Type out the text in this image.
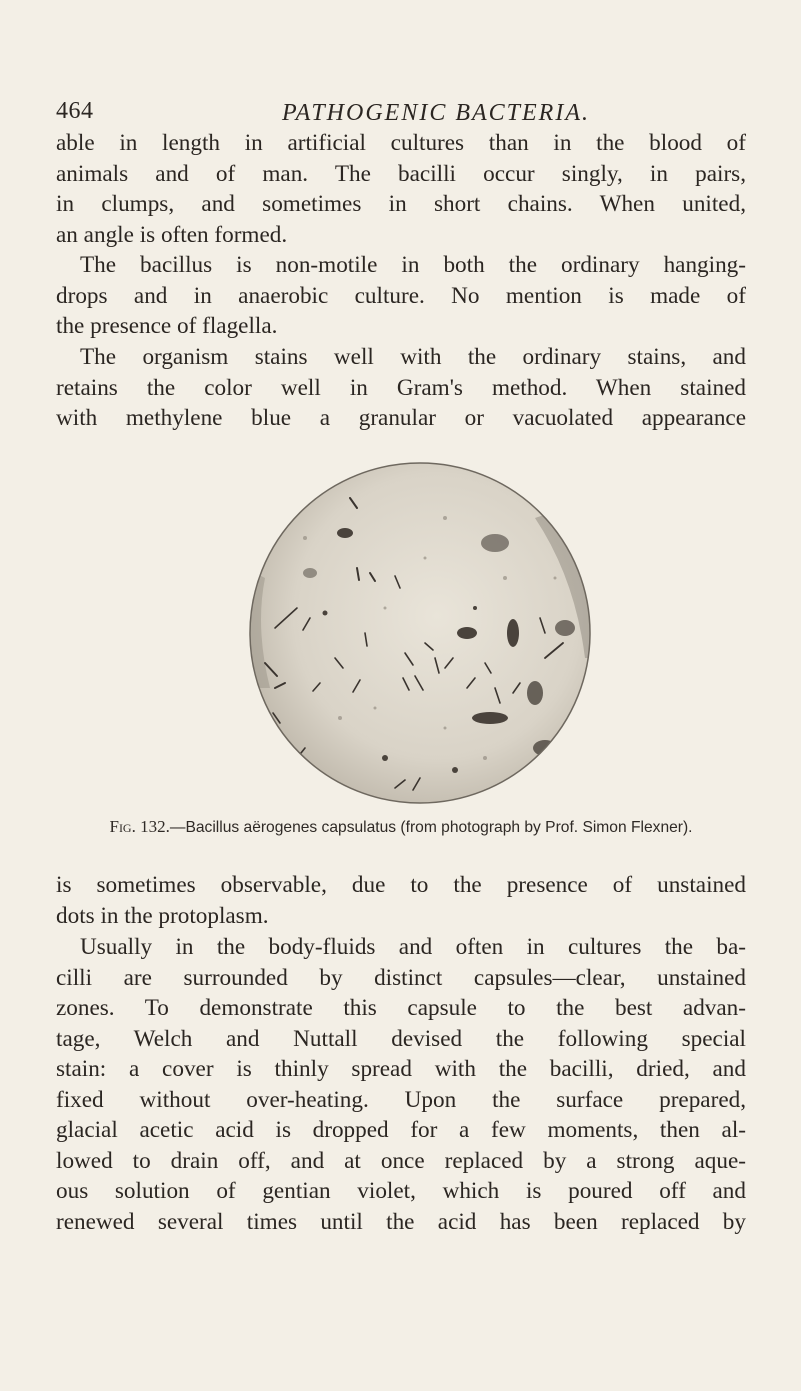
464	PATHOGENIC BACTERIA.

able in length in artificial cultures than in the blood of
animals and of man. The bacilli occur singly, in pairs,
in clumps, and sometimes in short chains. When united,
an angle is often formed.

The bacillus is non-motile in both the ordinary hanging-
drops and in anaerobic culture. No mention is made of
the presence of flagella.

The organism stains well with the ordinary stains, and
retains the color well in Gram's method. When stained
with methylene blue a granular or vacuolated appearance

Fig. 132.—Bacillus aërogenes capsulatus (from photograph by Prof. Simon Flexner).

is sometimes observable, due to the presence of unstained
dots in the protoplasm.

Usually in the body-fluids and often in cultures the ba-
cilli are surrounded by distinct capsules—clear, unstained
zones. To demonstrate this capsule to the best advan-
tage, Welch and Nuttall devised the following special
stain: a cover is thinly spread with the bacilli, dried, and
fixed without over-heating. Upon the surface prepared,
glacial acetic acid is dropped for a few moments, then al-
lowed to drain off, and at once replaced by a strong aque-
ous solution of gentian violet, which is poured off and
renewed several times until the acid has been replaced by
